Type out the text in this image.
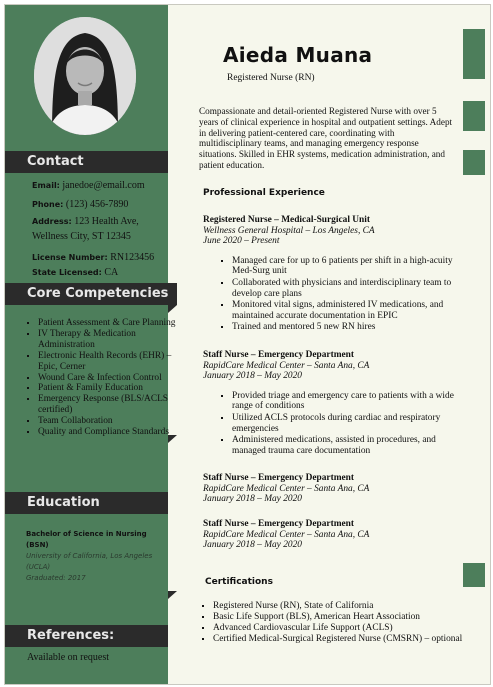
Contact
Email: janedoe@email.com
Phone: (123) 456-7890
Address: 123 Health Ave,
Wellness City, ST 12345
License Number: RN123456
State Licensed: CA
Core Competencies
▪ Patient Assessment & Care Planning
▪ IV Therapy & Medication Administration
▪ Electronic Health Records (EHR) – Epic, Cerner
▪ Wound Care & Infection Control
▪ Patient & Family Education
▪ Emergency Response (BLS/ACLS certified)
▪ Team Collaboration
▪ Quality and Compliance Standards
Education
Bachelor of Science in Nursing (BSN)
University of California, Los Angeles (UCLA)
Graduated: 2017
References:
Available on request
Aieda Muana
Registered Nurse (RN)
Compassionate and detail-oriented Registered Nurse with over 5 years of clinical experience in hospital and outpatient settings. Adept in delivering patient-centered care, coordinating with multidisciplinary teams, and managing emergency response situations. Skilled in EHR systems, medication administration, and patient education.
Professional Experience
Registered Nurse – Medical-Surgical Unit
Wellness General Hospital – Los Angeles, CA
June 2020 – Present
▪ Managed care for up to 6 patients per shift in a high-acuity Med-Surg unit
▪ Collaborated with physicians and interdisciplinary team to develop care plans
▪ Monitored vital signs, administered IV medications, and maintained accurate documentation in EPIC
▪ Trained and mentored 5 new RN hires
Staff Nurse – Emergency Department
RapidCare Medical Center – Santa Ana, CA
January 2018 – May 2020
▪ Provided triage and emergency care to patients with a wide range of conditions
▪ Utilized ACLS protocols during cardiac and respiratory emergencies
▪ Administered medications, assisted in procedures, and managed trauma care documentation
Staff Nurse – Emergency Department
RapidCare Medical Center – Santa Ana, CA
January 2018 – May 2020
Staff Nurse – Emergency Department
RapidCare Medical Center – Santa Ana, CA
January 2018 – May 2020
Certifications
▪ Registered Nurse (RN), State of California
▪ Basic Life Support (BLS), American Heart Association
▪ Advanced Cardiovascular Life Support (ACLS)
▪ Certified Medical-Surgical Registered Nurse (CMSRN) – optional
